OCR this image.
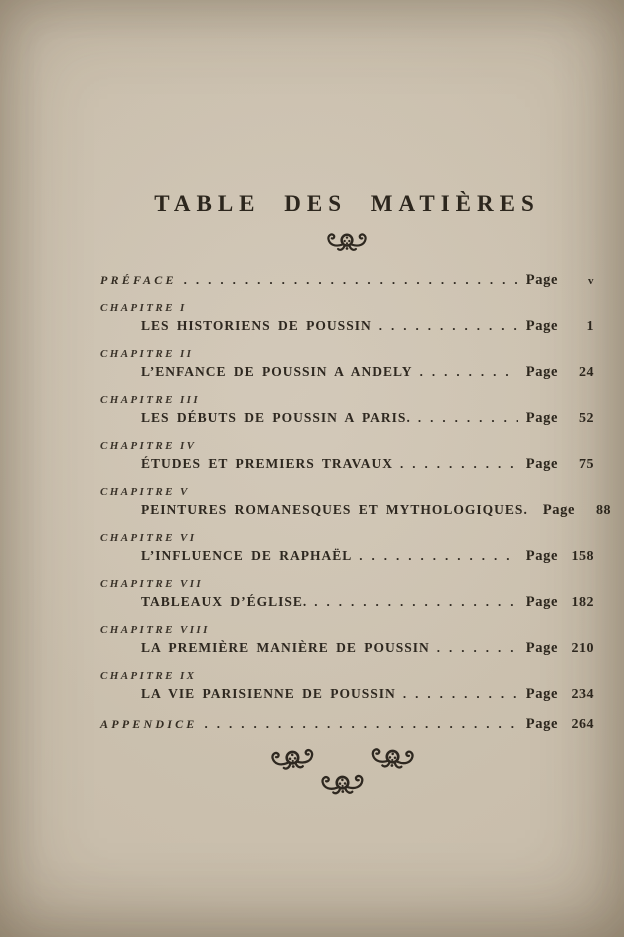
TABLE DES MATIÈRES
PRÉFACE .....	Page	v
CHAPITRE I
LES HISTORIENS DE POUSSIN .....	Page	1
CHAPITRE II
L’ENFANCE DE POUSSIN A ANDELY .....	Page	24
CHAPITRE III
LES DÉBUTS DE POUSSIN A PARIS. .....	Page	52
CHAPITRE IV
ÉTUDES ET PREMIERS TRAVAUX .....	Page	75
CHAPITRE V
PEINTURES ROMANESQUES ET MYTHOLOGIQUES. ..... Page	88
CHAPITRE VI
L’INFLUENCE DE RAPHAËL .....	Page 158
CHAPITRE VII
TABLEAUX D’ÉGLISE. .....	Page 182
CHAPITRE VIII
LA PREMIÈRE MANIÈRE DE POUSSIN .....	Page 210
CHAPITRE IX
LA VIE PARISIENNE DE POUSSIN .....	Page 234
APPENDICE .....	Page 264
